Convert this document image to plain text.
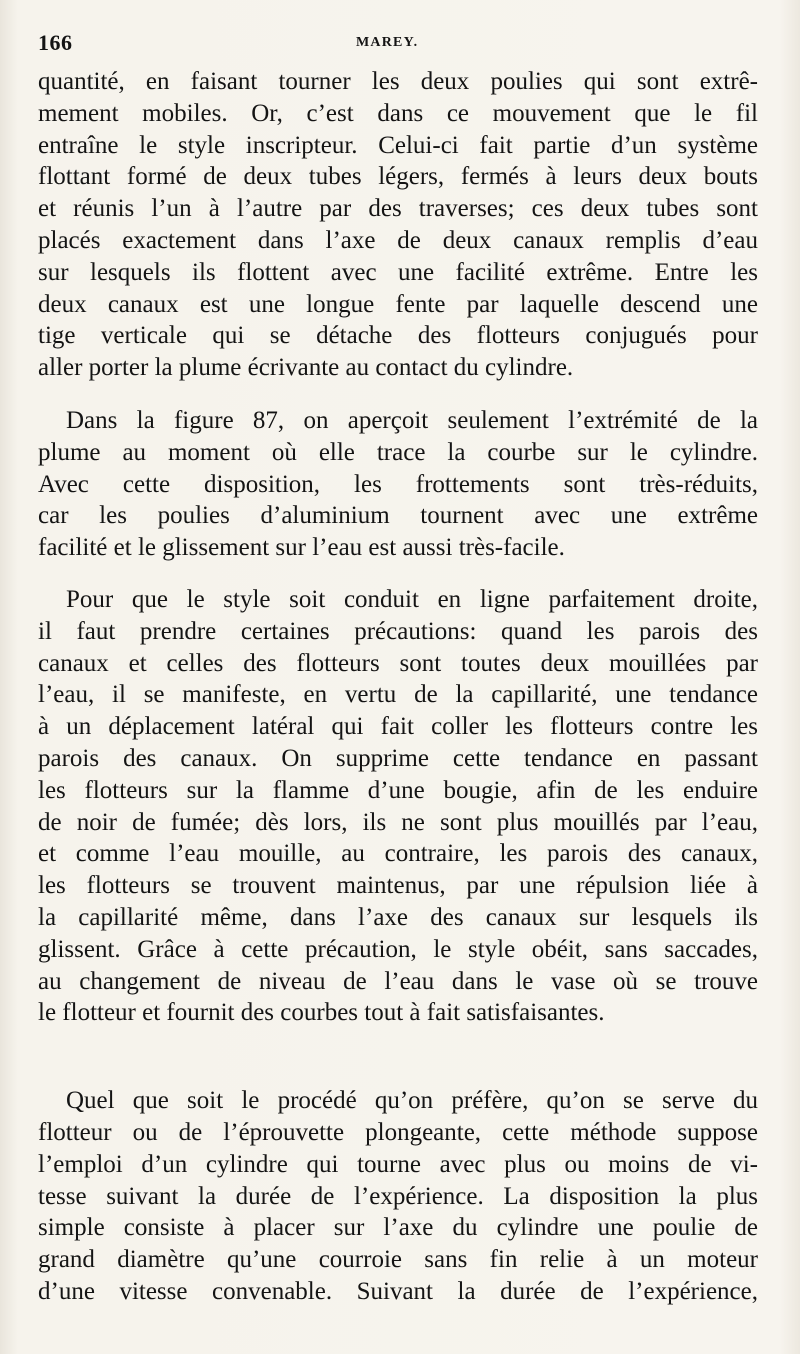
166	MAREY.
quantité, en faisant tourner les deux poulies qui sont extrê-
mement mobiles. Or, c’est dans ce mouvement que le fil
entraîne le style inscripteur. Celui-ci fait partie d’un système
flottant formé de deux tubes légers, fermés à leurs deux bouts
et réunis l’un à l’autre par des traverses; ces deux tubes sont
placés exactement dans l’axe de deux canaux remplis d’eau
sur lesquels ils flottent avec une facilité extrême. Entre les
deux canaux est une longue fente par laquelle descend une
tige verticale qui se détache des flotteurs conjugués pour
aller porter la plume écrivante au contact du cylindre.
Dans la figure 87, on aperçoit seulement l’extrémité de la
plume au moment où elle trace la courbe sur le cylindre.
Avec cette disposition, les frottements sont très-réduits,
car les poulies d’aluminium tournent avec une extrême
facilité et le glissement sur l’eau est aussi très-facile.
Pour que le style soit conduit en ligne parfaitement droite,
il faut prendre certaines précautions: quand les parois des
canaux et celles des flotteurs sont toutes deux mouillées par
l’eau, il se manifeste, en vertu de la capillarité, une tendance
à un déplacement latéral qui fait coller les flotteurs contre les
parois des canaux. On supprime cette tendance en passant
les flotteurs sur la flamme d’une bougie, afin de les enduire
de noir de fumée; dès lors, ils ne sont plus mouillés par l’eau,
et comme l’eau mouille, au contraire, les parois des canaux,
les flotteurs se trouvent maintenus, par une répulsion liée à
la capillarité même, dans l’axe des canaux sur lesquels ils
glissent. Grâce à cette précaution, le style obéit, sans saccades,
au changement de niveau de l’eau dans le vase où se trouve
le flotteur et fournit des courbes tout à fait satisfaisantes.
Quel que soit le procédé qu’on préfère, qu’on se serve du
flotteur ou de l’éprouvette plongeante, cette méthode suppose
l’emploi d’un cylindre qui tourne avec plus ou moins de vi-
tesse suivant la durée de l’expérience. La disposition la plus
simple consiste à placer sur l’axe du cylindre une poulie de
grand diamètre qu’une courroie sans fin relie à un moteur
d’une vitesse convenable. Suivant la durée de l’expérience,
